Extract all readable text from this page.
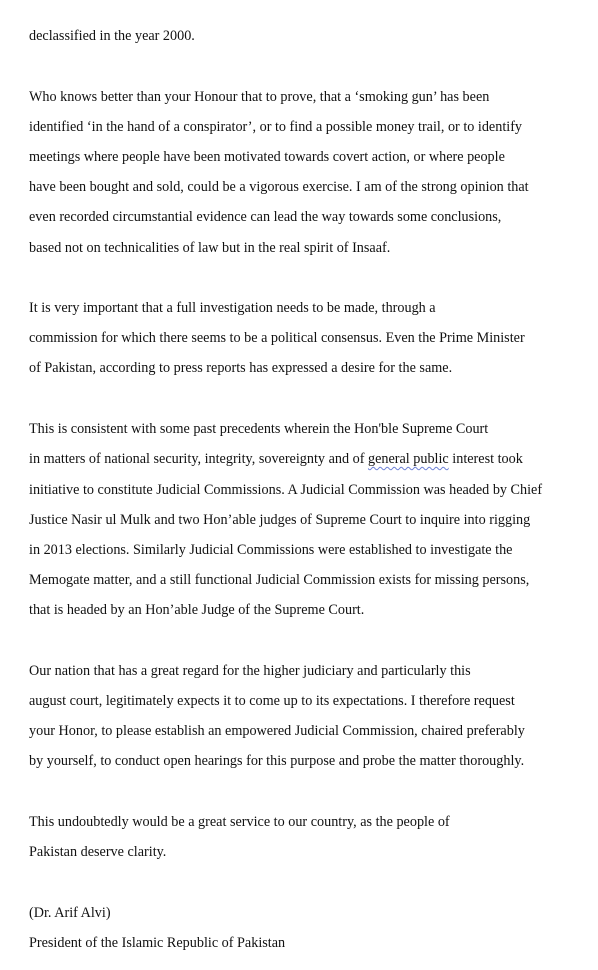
declassified in the year 2000.
Who knows better than your Honour that to prove, that a ‘smoking gun’ has been
identified ‘in the hand of a conspirator’, or to find a possible money trail, or to identify
meetings where people have been motivated towards covert action, or where people
have been bought and sold, could be a vigorous exercise. I am of the strong opinion that
even recorded circumstantial evidence can lead the way towards some conclusions,
based not on technicalities of law but in the real spirit of Insaaf.
It is very important that a full investigation needs to be made, through a
commission for which there seems to be a political consensus. Even the Prime Minister
of Pakistan, according to press reports has expressed a desire for the same.
This is consistent with some past precedents wherein the Hon'ble Supreme Court
in matters of national security, integrity, sovereignty and of general public interest took
initiative to constitute Judicial Commissions. A Judicial Commission was headed by Chief
Justice Nasir ul Mulk and two Hon’able judges of Supreme Court to inquire into rigging
in 2013 elections. Similarly Judicial Commissions were established to investigate the
Memogate matter, and a still functional Judicial Commission exists for missing persons,
that is headed by an Hon’able Judge of the Supreme Court.
Our nation that has a great regard for the higher judiciary and particularly this
august court, legitimately expects it to come up to its expectations. I therefore request
your Honor, to please establish an empowered Judicial Commission, chaired preferably
by yourself, to conduct open hearings for this purpose and probe the matter thoroughly.
This undoubtedly would be a great service to our country, as the people of
Pakistan deserve clarity.
(Dr. Arif Alvi)
President of the Islamic Republic of Pakistan
